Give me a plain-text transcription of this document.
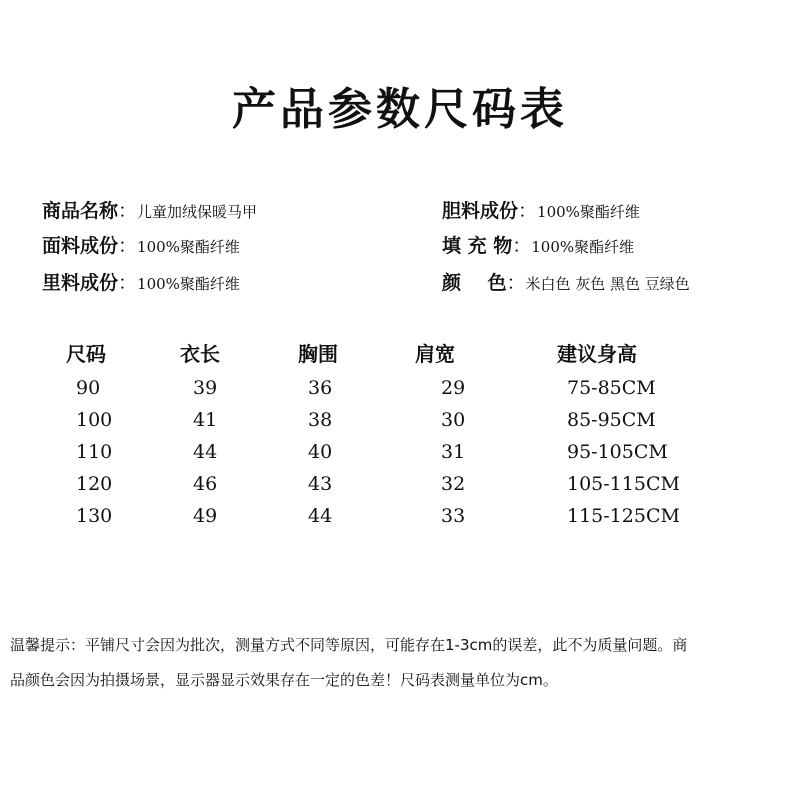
产品参数尺码表
商品名称：儿童加绒保暖马甲
面料成份：100%聚酯纤维
里料成份：100%聚酯纤维
胆料成份：100%聚酯纤维
填 充 物：100%聚酯纤维
颜    色：米白色 灰色 黑色 豆绿色
尺码	衣长	胸围	肩宽	建议身高
90	39	36	29	75-85CM
100	41	38	30	85-95CM
110	44	40	31	95-105CM
120	46	43	32	105-115CM
130	49	44	33	115-125CM
温馨提示：平铺尺寸会因为批次，测量方式不同等原因，可能存在1-3cm的误差，此不为质量问题。商
品颜色会因为拍摄场景，显示器显示效果存在一定的色差！尺码表测量单位为cm。
